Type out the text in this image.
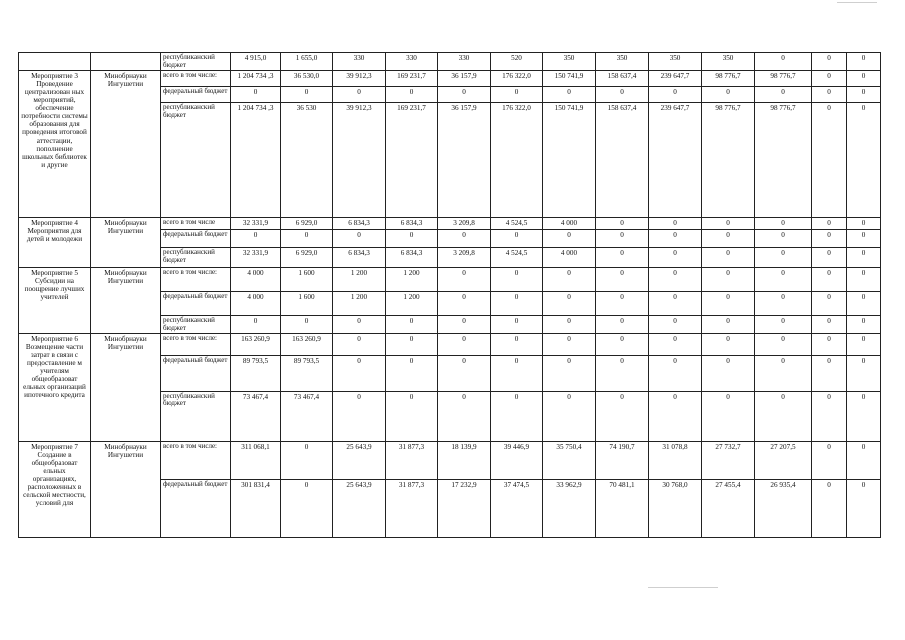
		республиканский бюджет	4 915,0	1 655,0	330	330	330	520	350	350	350	350	0	0	0
Мероприятие 3 Проведение централизован ных мероприятий, обеспечение потребности системы образования для проведения итоговой аттестации, пополнение школьных библиотек и другие	Минобрнауки Ингушетии	всего в том числе:	1 204 734 ,3	36 530,0	39 912,3	169 231,7	36 157,9	176 322,0	150 741,9	158 637,4	239 647,7	98 776,7	98 776,7	0	0
		федеральный бюджет	0	0	0	0	0	0	0	0	0	0	0	0	0
		республиканский бюджет	1 204 734 ,3	36 530	39 912,3	169 231,7	36 157,9	176 322,0	150 741,9	158 637,4	239 647,7	98 776,7	98 776,7	0	0
Мероприятие 4 Мероприятия для детей и молодежи	Минобрнауки Ингушетии	всего в том числе	32 331,9	6 929,0	6 834,3	6 834,3	3 209,8	4 524,5	4 000	0	0	0	0	0	0
		федеральный бюджет	0	0	0	0	0	0	0	0	0	0	0	0	0
		республиканский бюджет	32 331,9	6 929,0	6 834,3	6 834,3	3 209,8	4 524,5	4 000	0	0	0	0	0	0
Мероприятие 5 Субсидии на поощрение лучших учителей	Минобрнауки Ингушетии	всего в том числе:	4 000	1 600	1 200	1 200	0	0	0	0	0	0	0	0	0
		федеральный бюджет	4 000	1 600	1 200	1 200	0	0	0	0	0	0	0	0	0
		республиканский бюджет	0	0	0	0	0	0	0	0	0	0	0	0	0
Мероприятие 6 Возмещение части затрат в связи с предоставление м учителям общеобразоват ельных организаций ипотечного кредита	Минобрнауки Ингушетии	всего в том числе:	163 260,9	163 260,9	0	0	0	0	0	0	0	0	0	0	0
		федеральный бюджет	89 793,5	89 793,5	0	0	0	0	0	0	0	0	0	0	0
		республиканский бюджет	73 467,4	73 467,4	0	0	0	0	0	0	0	0	0	0	0
Мероприятие 7 Создание в общеобразоват ельных организациях, расположенных в сельской местности, условий для	Минобрнауки Ингушетии	всего в том числе:	311 068,1	0	25 643,9	31 877,3	18 139,9	39 446,9	35 750,4	74 190,7	31 078,8	27 732,7	27 207,5	0	0
		федеральный бюджет	301 831,4	0	25 643,9	31 877,3	17 232,9	37 474,5	33 962,9	70 481,1	30 768,0	27 455,4	26 935,4	0	0
